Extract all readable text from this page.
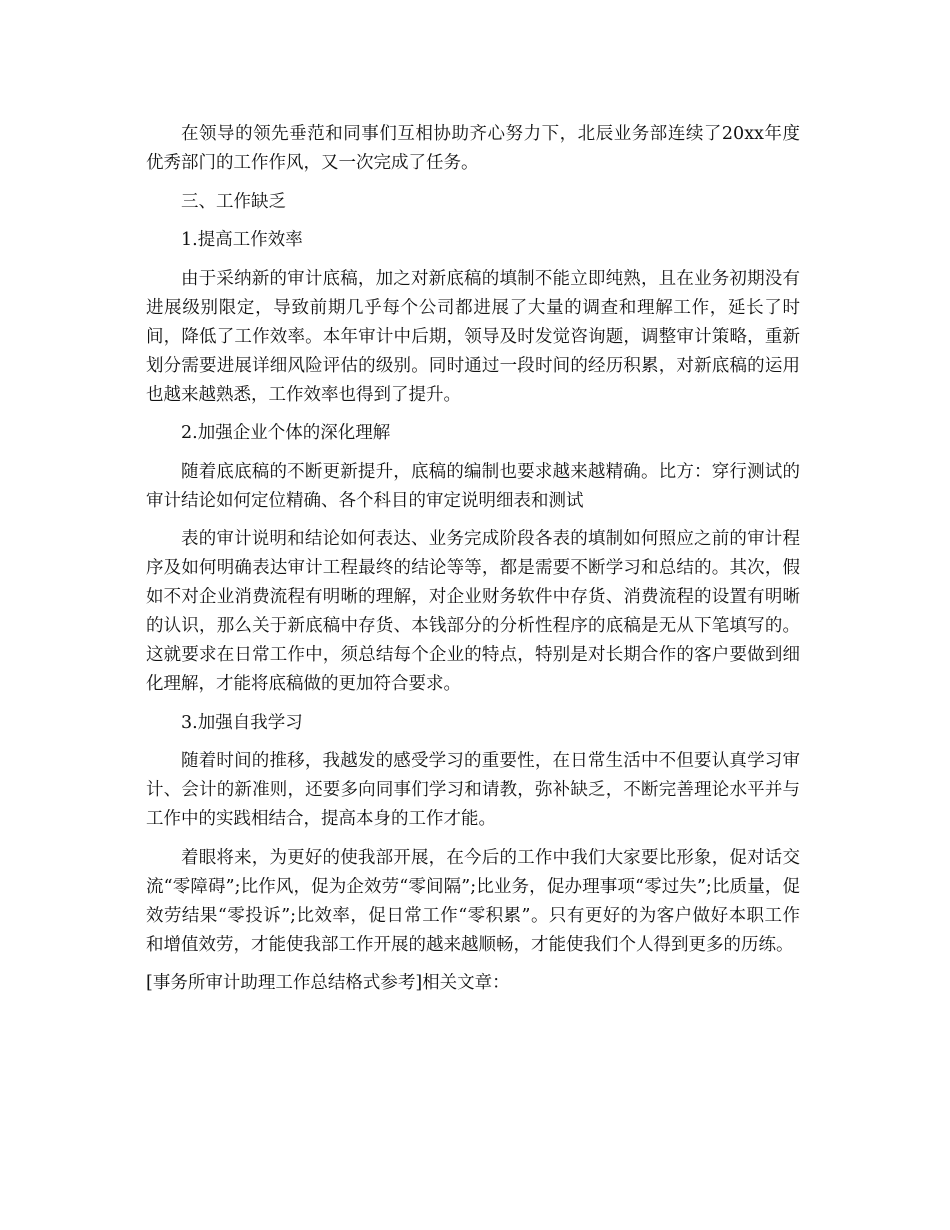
在领导的领先垂范和同事们互相协助齐心努力下，北辰业务部连续了20xx年度优秀部门的工作作风，又一次完成了任务。

三、工作缺乏

1.提高工作效率

由于采纳新的审计底稿，加之对新底稿的填制不能立即纯熟，且在业务初期没有进展级别限定，导致前期几乎每个公司都进展了大量的调查和理解工作，延长了时间，降低了工作效率。本年审计中后期，领导及时发觉咨询题，调整审计策略，重新划分需要进展详细风险评估的级别。同时通过一段时间的经历积累，对新底稿的运用也越来越熟悉，工作效率也得到了提升。

2.加强企业个体的深化理解

随着底底稿的不断更新提升，底稿的编制也要求越来越精确。比方：穿行测试的审计结论如何定位精确、各个科目的审定说明细表和测试

表的审计说明和结论如何表达、业务完成阶段各表的填制如何照应之前的审计程序及如何明确表达审计工程最终的结论等等，都是需要不断学习和总结的。其次，假如不对企业消费流程有明晰的理解，对企业财务软件中存货、消费流程的设置有明晰的认识，那么关于新底稿中存货、本钱部分的分析性程序的底稿是无从下笔填写的。这就要求在日常工作中，须总结每个企业的特点，特别是对长期合作的客户要做到细化理解，才能将底稿做的更加符合要求。

3.加强自我学习

随着时间的推移，我越发的感受学习的重要性，在日常生活中不但要认真学习审计、会计的新准则，还要多向同事们学习和请教，弥补缺乏，不断完善理论水平并与工作中的实践相结合，提高本身的工作才能。

着眼将来，为更好的使我部开展，在今后的工作中我们大家要比形象，促对话交流“零障碍”;比作风，促为企效劳“零间隔”;比业务，促办理事项“零过失”;比质量，促效劳结果“零投诉”;比效率，促日常工作“零积累”。只有更好的为客户做好本职工作和增值效劳，才能使我部工作开展的越来越顺畅，才能使我们个人得到更多的历练。

[事务所审计助理工作总结格式参考]相关文章：
